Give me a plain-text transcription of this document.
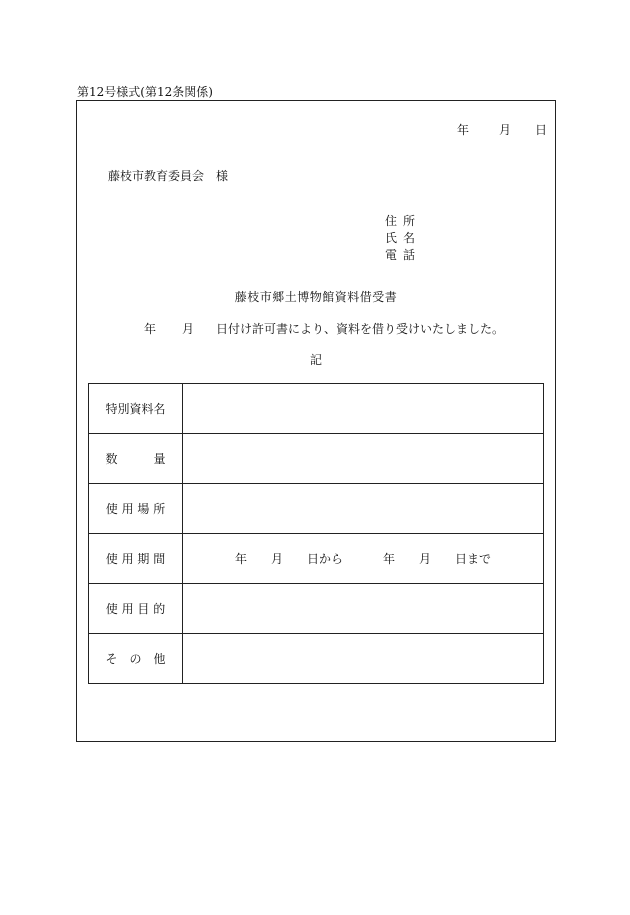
第12号様式(第12条関係)
年	月 日
藤枝市教育委員会 様
住 所
氏 名
電 話
藤枝市郷土博物館資料借受書
年 月 日付け許可書により、資料を借り受けいたしました。
記
特別資料名	
数　　　量	
使 用 場 所	
使 用 期 間	年 月 日から 年 月 日まで
使 用 目 的	
そ　の　他	
